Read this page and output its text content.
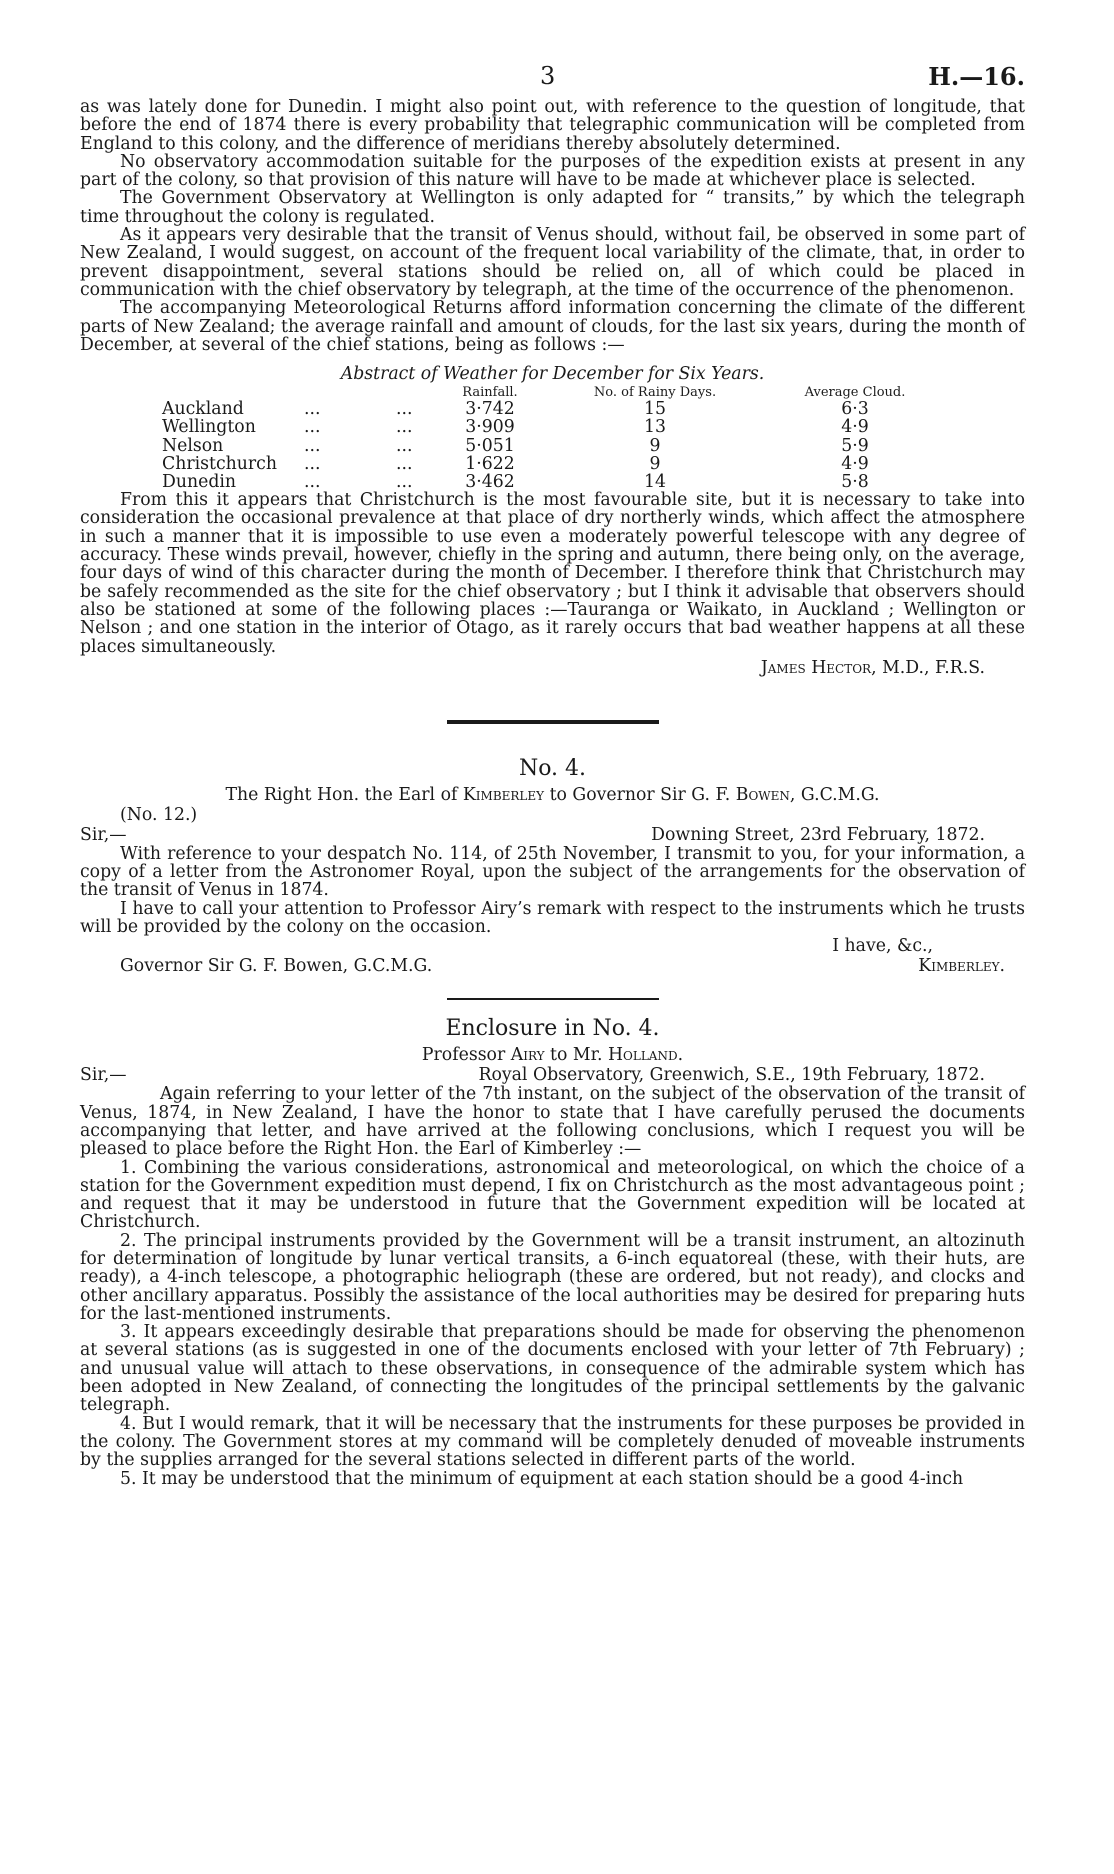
3	H.—16.

as was lately done for Dunedin. I might also point out, with reference to the question of longitude, that before the end of 1874 there is every probability that telegraphic communication will be completed from England to this colony, and the difference of meridians thereby absolutely determined.

No observatory accommodation suitable for the purposes of the expedition exists at present in any part of the colony, so that provision of this nature will have to be made at whichever place is selected.

The Government Observatory at Wellington is only adapted for “ transits,” by which the telegraph time throughout the colony is regulated.

As it appears very desirable that the transit of Venus should, without fail, be observed in some part of New Zealand, I would suggest, on account of the frequent local variability of the climate, that, in order to prevent disappointment, several stations should be relied on, all of which could be placed in communication with the chief observatory by telegraph, at the time of the occurrence of the phenomenon.

The accompanying Meteorological Returns afford information concerning the climate of the different parts of New Zealand; the average rainfall and amount of clouds, for the last six years, during the month of December, at several of the chief stations, being as follows :—

Abstract of Weather for December for Six Years.
			Rainfall.	No. of Rainy Days.	Average Cloud.
Auckland	...	...	3·742	15	6·3
Wellington	...	...	3·909	13	4·9
Nelson	...	...	5·051	9	5·9
Christchurch	...	...	1·622	9	4·9
Dunedin	...	...	3·462	14	5·8

From this it appears that Christchurch is the most favourable site, but it is necessary to take into consideration the occasional prevalence at that place of dry northerly winds, which affect the atmosphere in such a manner that it is impossible to use even a moderately powerful telescope with any degree of accuracy. These winds prevail, however, chiefly in the spring and autumn, there being only, on the average, four days of wind of this character during the month of December. I therefore think that Christchurch may be safely recommended as the site for the chief observatory ; but I think it advisable that observers should also be stationed at some of the following places :—Tauranga or Waikato, in Auckland ; Wellington or Nelson ; and one station in the interior of Otago, as it rarely occurs that bad weather happens at all these places simultaneously.

James Hector, M.D., F.R.S.
No. 4.
The Right Hon. the Earl of Kimberley to Governor Sir G. F. Bowen, G.C.M.G.
(No. 12.)
Sir,—	Downing Street, 23rd February, 1872.

With reference to your despatch No. 114, of 25th November, I transmit to you, for your information, a copy of a letter from the Astronomer Royal, upon the subject of the arrangements for the observation of the transit of Venus in 1874.

I have to call your attention to Professor Airy’s remark with respect to the instruments which he trusts will be provided by the colony on the occasion.

I have, &c.,
Governor Sir G. F. Bowen, G.C.M.G.	Kimberley.
Enclosure in No. 4.
Professor Airy to Mr. Holland.
Sir,—	Royal Observatory, Greenwich, S.E., 19th February, 1872.

Again referring to your letter of the 7th instant, on the subject of the observation of the transit of Venus, 1874, in New Zealand, I have the honor to state that I have carefully perused the documents accompanying that letter, and have arrived at the following conclusions, which I request you will be pleased to place before the Right Hon. the Earl of Kimberley :—

1. Combining the various considerations, astronomical and meteorological, on which the choice of a station for the Government expedition must depend, I fix on Christchurch as the most advantageous point ; and request that it may be understood in future that the Government expedition will be located at Christchurch.

2. The principal instruments provided by the Government will be a transit instrument, an altozinuth for determination of longitude by lunar vertical transits, a 6-inch equatoreal (these, with their huts, are ready), a 4-inch telescope, a photographic heliograph (these are ordered, but not ready), and clocks and other ancillary apparatus. Possibly the assistance of the local authorities may be desired for preparing huts for the last-mentioned instruments.

3. It appears exceedingly desirable that preparations should be made for observing the phenomenon at several stations (as is suggested in one of the documents enclosed with your letter of 7th February) ; and unusual value will attach to these observations, in consequence of the admirable system which has been adopted in New Zealand, of connecting the longitudes of the principal settlements by the galvanic telegraph.

4. But I would remark, that it will be necessary that the instruments for these purposes be provided in the colony. The Government stores at my command will be completely denuded of moveable instruments by the supplies arranged for the several stations selected in different parts of the world.

5. It may be understood that the minimum of equipment at each station should be a good 4-inch
